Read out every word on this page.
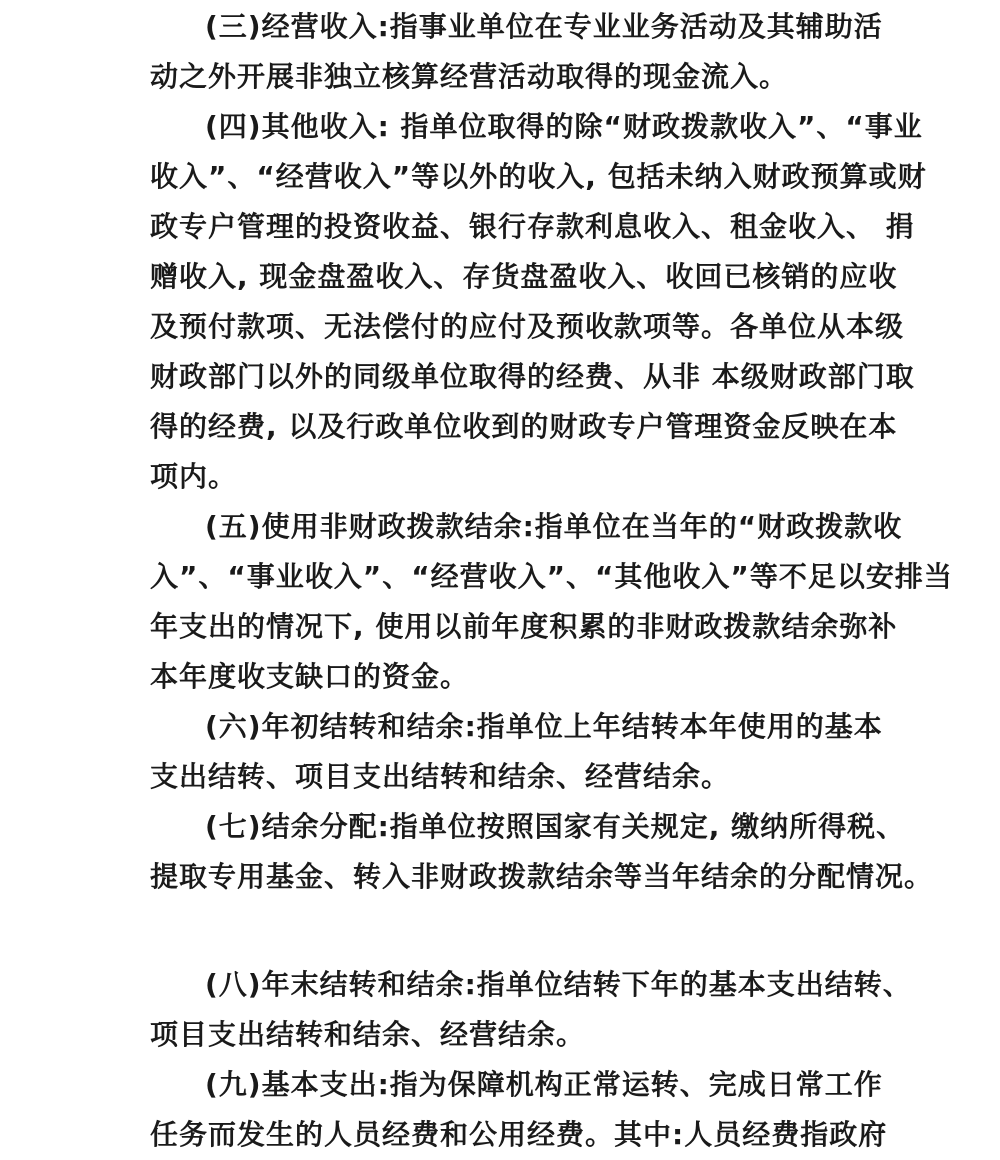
(三)经营收入:指事业单位在专业业务活动及其辅助活
动之外开展非独立核算经营活动取得的现金流入。
(四)其他收入: 指单位取得的除“财政拨款收入”、“事业
收入”、“经营收入”等以外的收入, 包括未纳入财政预算或财
政专户管理的投资收益、银行存款利息收入、租金收入、 捐
赠收入, 现金盘盈收入、存货盘盈收入、收回已核销的应收
及预付款项、无法偿付的应付及预收款项等。各单位从本级
财政部门以外的同级单位取得的经费、从非 本级财政部门取
得的经费, 以及行政单位收到的财政专户管理资金反映在本
项内。
(五)使用非财政拨款结余:指单位在当年的“财政拨款收
入”、“事业收入”、“经营收入”、“其他收入”等不足以安排当
年支出的情况下, 使用以前年度积累的非财政拨款结余弥补
本年度收支缺口的资金。
(六)年初结转和结余:指单位上年结转本年使用的基本
支出结转、项目支出结转和结余、经营结余。
(七)结余分配:指单位按照国家有关规定, 缴纳所得税、
提取专用基金、转入非财政拨款结余等当年结余的分配情况。
(八)年末结转和结余:指单位结转下年的基本支出结转、
项目支出结转和结余、经营结余。
(九)基本支出:指为保障机构正常运转、完成日常工作
任务而发生的人员经费和公用经费。其中:人员经费指政府
